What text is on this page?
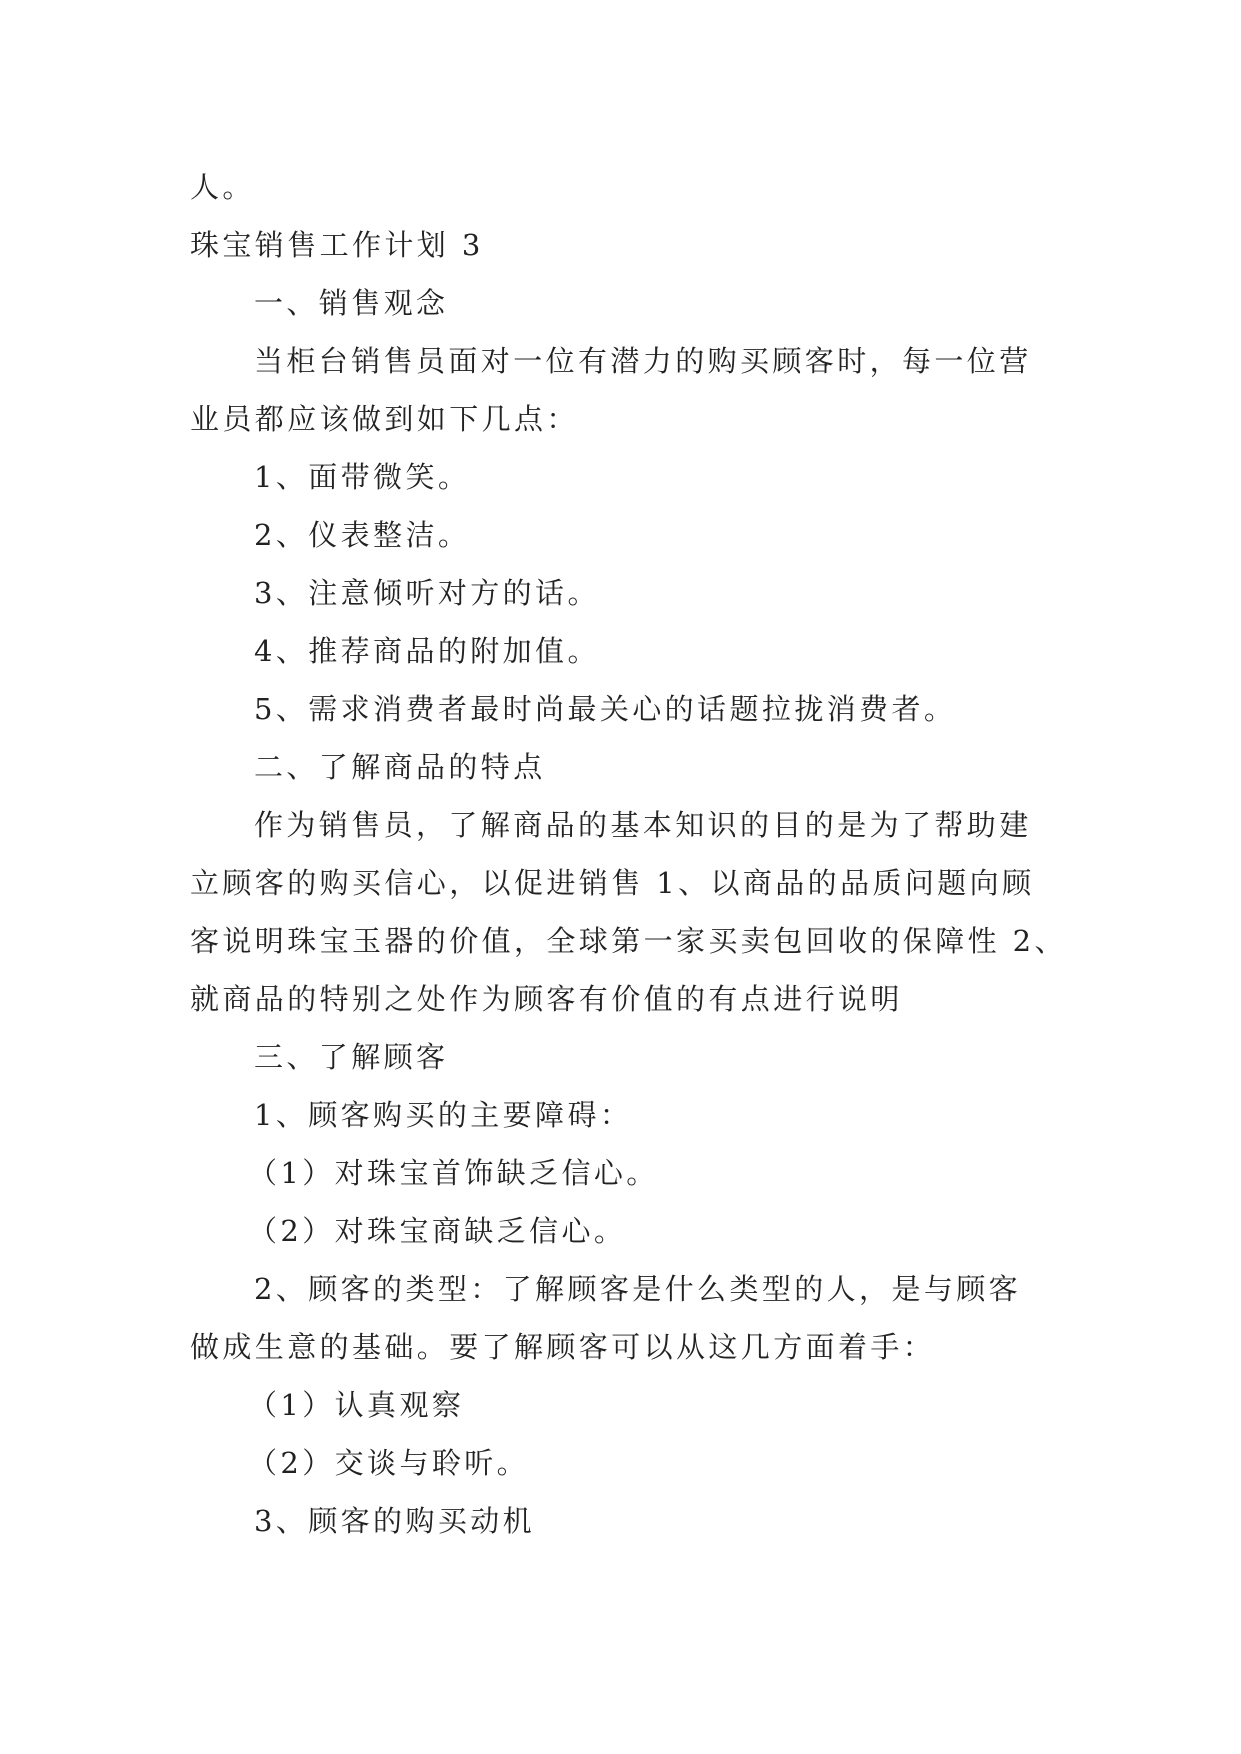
人。
珠宝销售工作计划 3
一、销售观念
当柜台销售员面对一位有潜力的购买顾客时，每一位营
业员都应该做到如下几点：
1、面带微笑。
2、仪表整洁。
3、注意倾听对方的话。
4、推荐商品的附加值。
5、需求消费者最时尚最关心的话题拉拢消费者。
二、了解商品的特点
作为销售员，了解商品的基本知识的目的是为了帮助建
立顾客的购买信心，以促进销售 1、以商品的品质问题向顾
客说明珠宝玉器的价值，全球第一家买卖包回收的保障性 2、
就商品的特别之处作为顾客有价值的有点进行说明
三、了解顾客
1、顾客购买的主要障碍：
（1）对珠宝首饰缺乏信心。
（2）对珠宝商缺乏信心。
2、顾客的类型：了解顾客是什么类型的人，是与顾客
做成生意的基础。要了解顾客可以从这几方面着手：
（1）认真观察
（2）交谈与聆听。
3、顾客的购买动机
